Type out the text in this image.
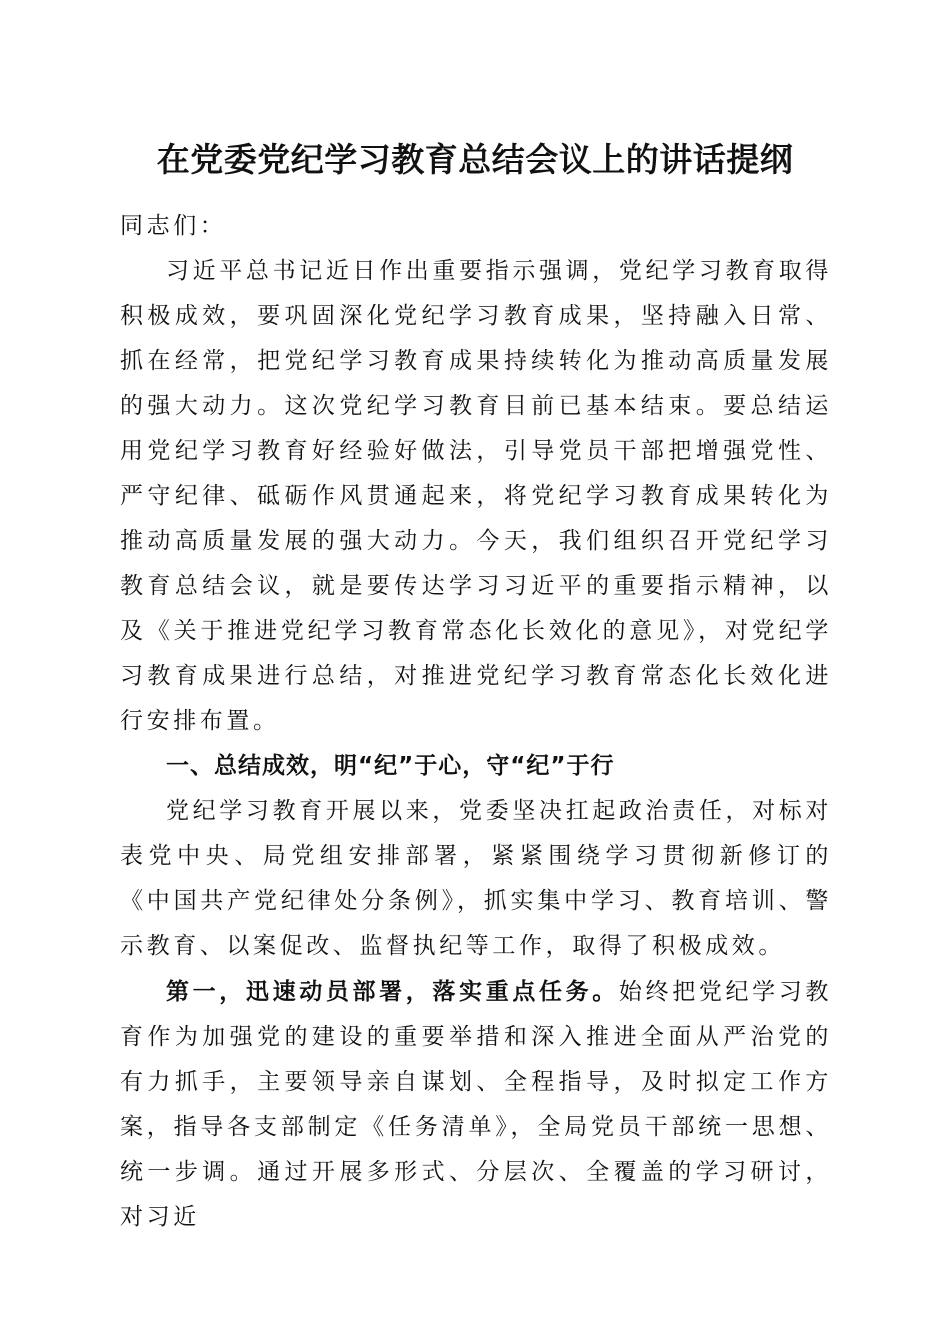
在党委党纪学习教育总结会议上的讲话提纲

同志们：

习近平总书记近日作出重要指示强调，党纪学习教育取得积极成效，要巩固深化党纪学习教育成果，坚持融入日常、抓在经常，把党纪学习教育成果持续转化为推动高质量发展的强大动力。这次党纪学习教育目前已基本结束。要总结运用党纪学习教育好经验好做法，引导党员干部把增强党性、严守纪律、砥砺作风贯通起来，将党纪学习教育成果转化为推动高质量发展的强大动力。今天，我们组织召开党纪学习教育总结会议，就是要传达学习习近平的重要指示精神，以及《关于推进党纪学习教育常态化长效化的意见》，对党纪学习教育成果进行总结，对推进党纪学习教育常态化长效化进行安排布置。

一、总结成效，明“纪”于心，守“纪”于行

党纪学习教育开展以来，党委坚决扛起政治责任，对标对表党中央、局党组安排部署，紧紧围绕学习贯彻新修订的《中国共产党纪律处分条例》，抓实集中学习、教育培训、警示教育、以案促改、监督执纪等工作，取得了积极成效。

第一，迅速动员部署，落实重点任务。始终把党纪学习教育作为加强党的建设的重要举措和深入推进全面从严治党的有力抓手，主要领导亲自谋划、全程指导，及时拟定工作方案，指导各支部制定《任务清单》，全局党员干部统一思想、统一步调。通过开展多形式、分层次、全覆盖的学习研讨，对习近
